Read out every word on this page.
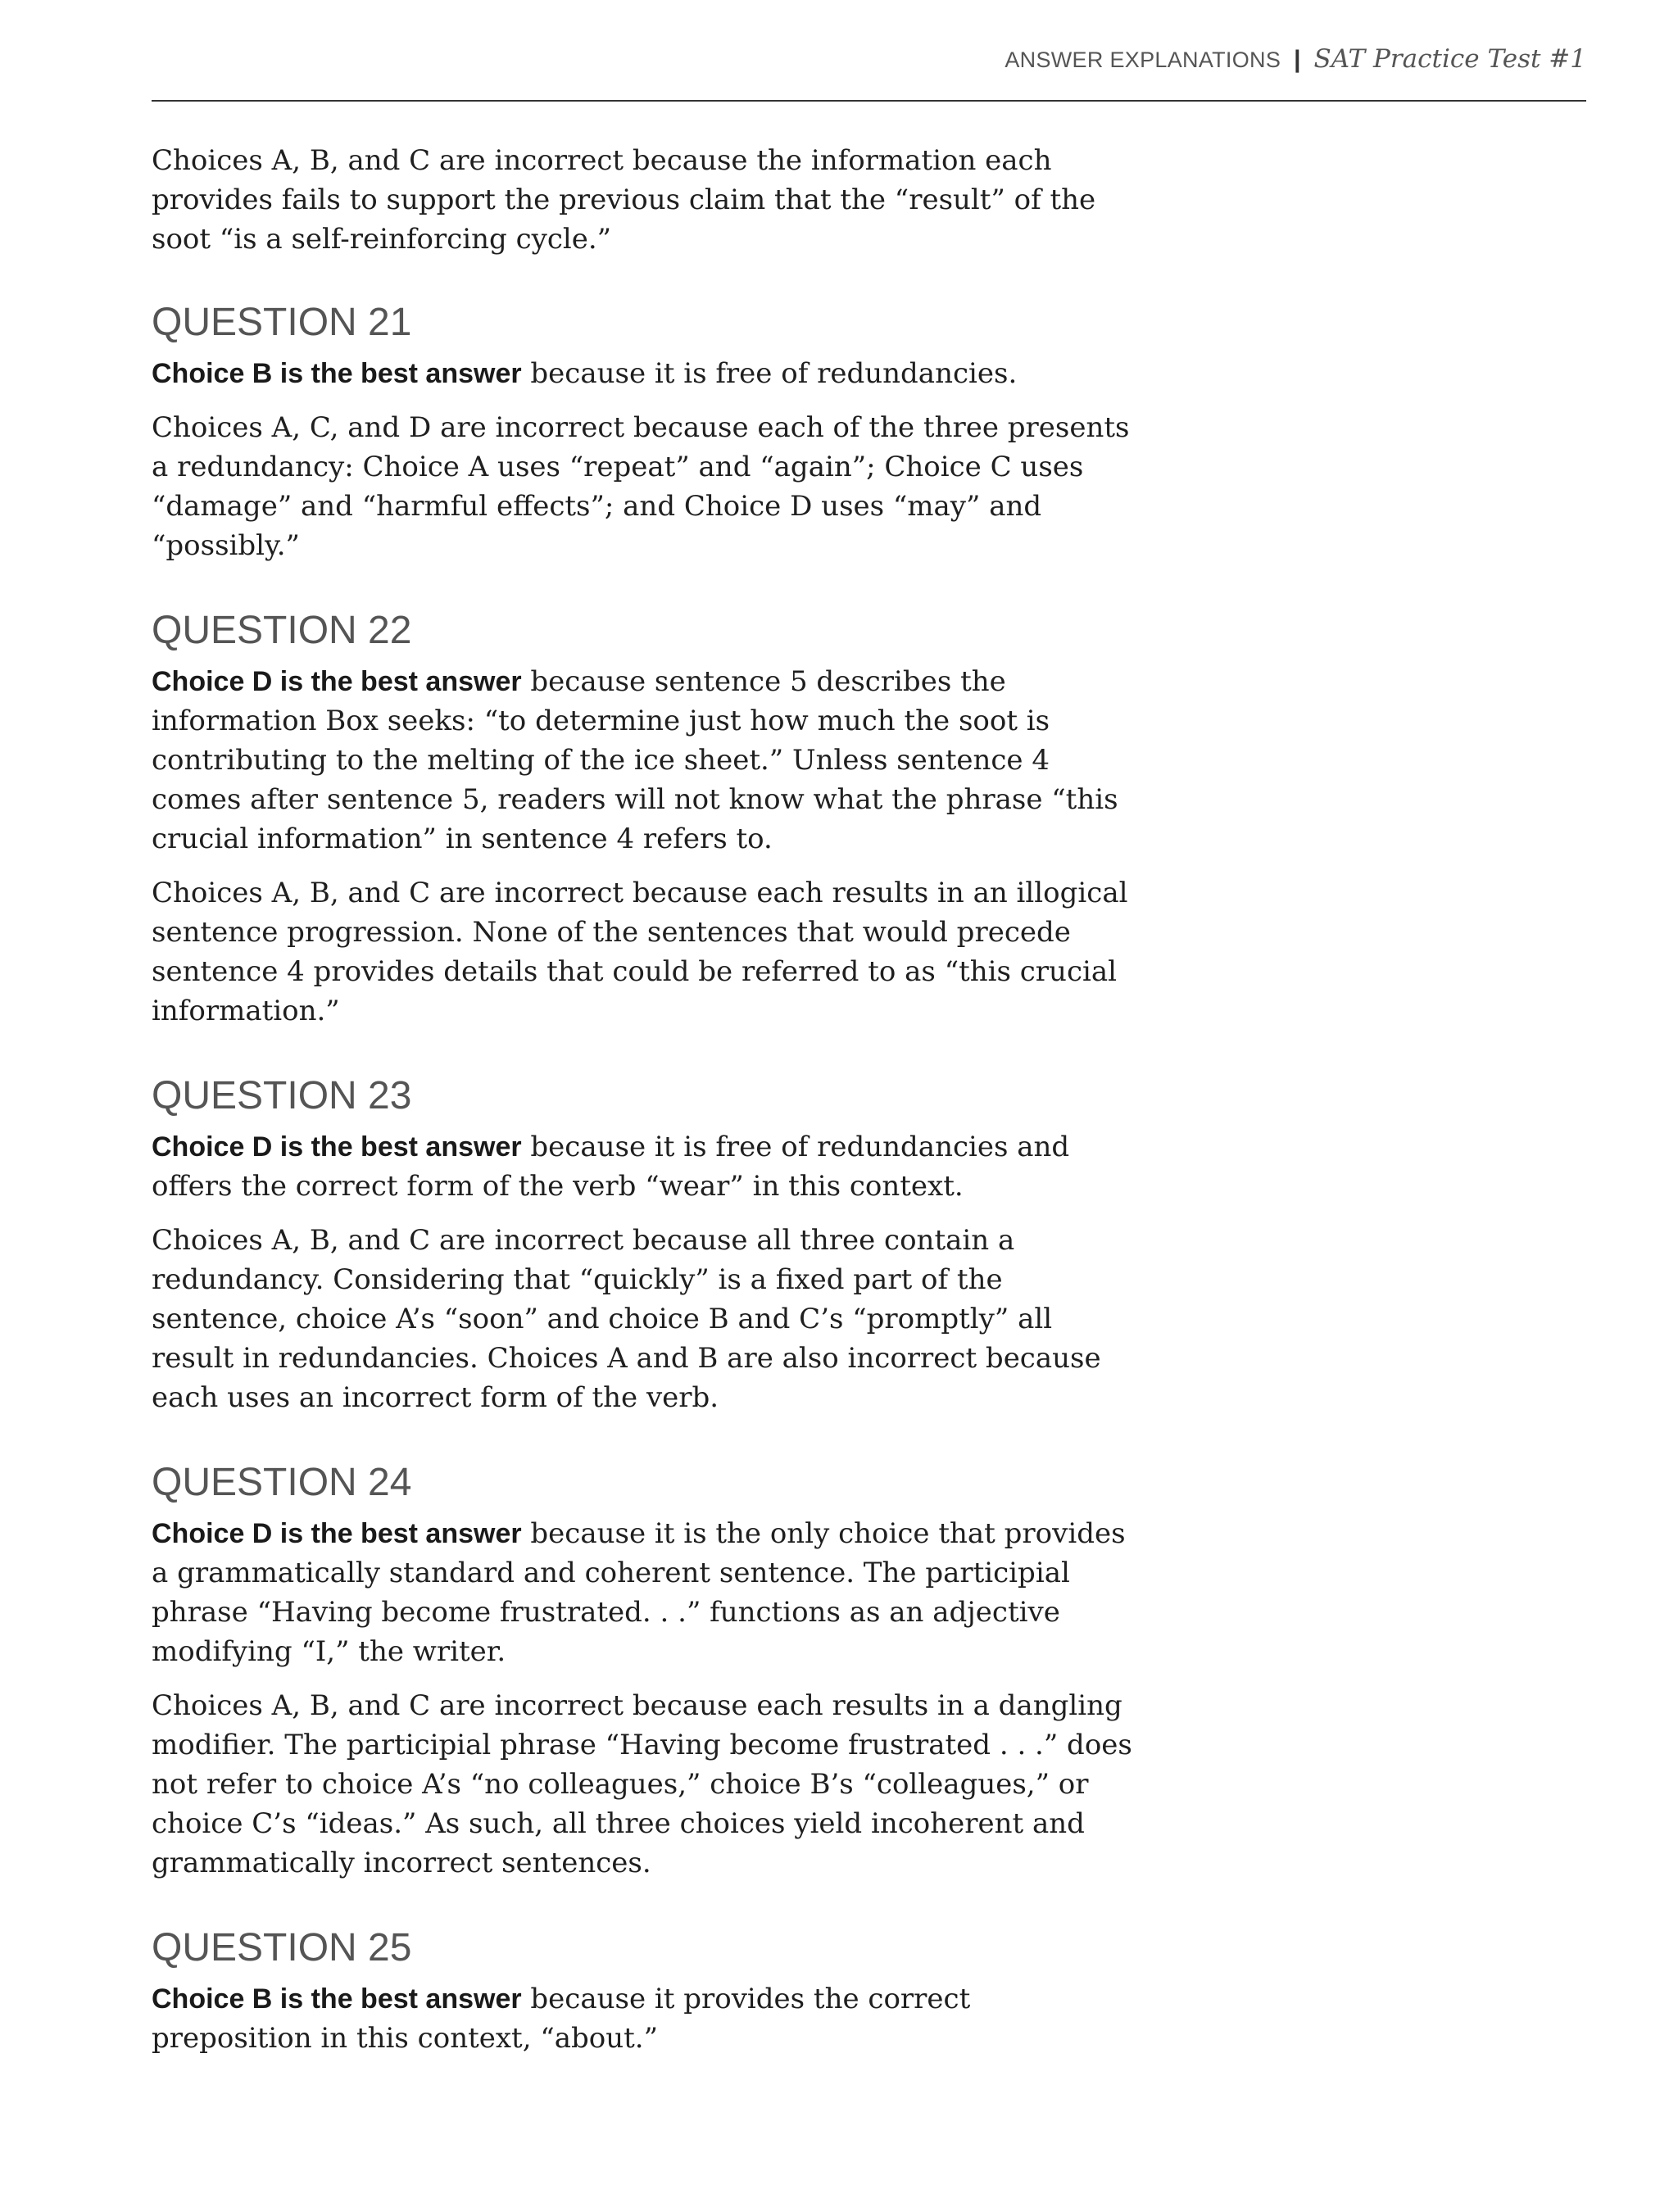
ANSWER EXPLANATIONS | SAT Practice Test #1

Choices A, B, and C are incorrect because the information each provides fails to support the previous claim that the “result” of the soot “is a self-reinforcing cycle.”

QUESTION 21

Choice B is the best answer because it is free of redundancies.

Choices A, C, and D are incorrect because each of the three presents a redundancy: Choice A uses “repeat” and “again”; Choice C uses “damage” and “harmful effects”; and Choice D uses “may” and “possibly.”

QUESTION 22

Choice D is the best answer because sentence 5 describes the information Box seeks: “to determine just how much the soot is contributing to the melting of the ice sheet.” Unless sentence 4 comes after sentence 5, readers will not know what the phrase “this crucial information” in sentence 4 refers to.

Choices A, B, and C are incorrect because each results in an illogical sentence progression. None of the sentences that would precede sentence 4 provides details that could be referred to as “this crucial information.”

QUESTION 23

Choice D is the best answer because it is free of redundancies and offers the correct form of the verb “wear” in this context.

Choices A, B, and C are incorrect because all three contain a redundancy. Considering that “quickly” is a fixed part of the sentence, choice A’s “soon” and choice B and C’s “promptly” all result in redundancies. Choices A and B are also incorrect because each uses an incorrect form of the verb.

QUESTION 24

Choice D is the best answer because it is the only choice that provides a grammatically standard and coherent sentence. The participial phrase “Having become frustrated. . .” functions as an adjective modifying “I,” the writer.

Choices A, B, and C are incorrect because each results in a dangling modifier. The participial phrase “Having become frustrated . . .” does not refer to choice A’s “no colleagues,” choice B’s “colleagues,” or choice C’s “ideas.” As such, all three choices yield incoherent and grammatically incorrect sentences.

QUESTION 25

Choice B is the best answer because it provides the correct preposition in this context, “about.”
